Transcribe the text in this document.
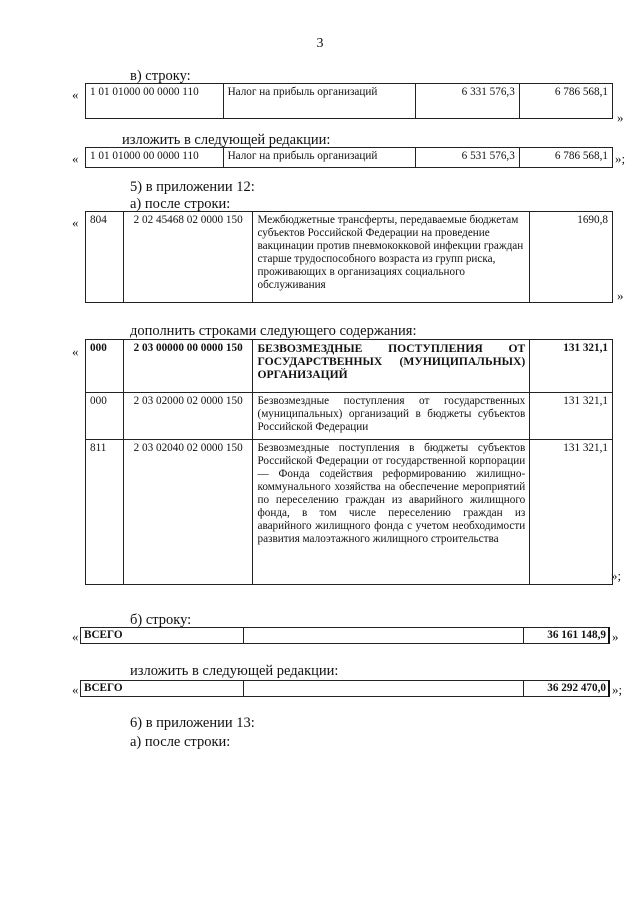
3
в) строку:
« 1 01 01000 00 0000 110	Налог на прибыль организаций	6 331 576,3	6 786 568,1
»
изложить в следующей редакции:
« 1 01 01000 00 0000 110	Налог на прибыль организаций	6 531 576,3	6 786 568,1 »;
5) в приложении 12:
а) после строки:
« 804	2 02 45468 02 0000 150	Межбюджетные трансферты, передаваемые бюджетам субъектов Российской Федерации на проведение вакцинации против пневмококковой инфекции граждан старше трудоспособного возраста из групп риска, проживающих в организациях социального обслуживания	1690,8
»
дополнить строками следующего содержания:
« 000	2 03 00000 00 0000 150	БЕЗВОЗМЕЗДНЫЕ ПОСТУПЛЕНИЯ ОТ ГОСУДАРСТВЕННЫХ (МУНИЦИПАЛЬНЫХ) ОРГАНИЗАЦИЙ	131 321,1
000	2 03 02000 02 0000 150	Безвозмездные поступления от государственных (муниципальных) организаций в бюджеты субъектов Российской Федерации	131 321,1
811	2 03 02040 02 0000 150	Безвозмездные поступления в бюджеты субъектов Российской Федерации от государственной корпорации — Фонда содействия реформированию жилищно-коммунального хозяйства на обеспечение мероприятий по переселению граждан из аварийного жилищного фонда, в том числе переселению граждан из аварийного жилищного фонда с учетом необходимости развития малоэтажного жилищного строительства	131 321,1
»;
б) строку:
« ВСЕГО		36 161 148,9 »
изложить в следующей редакции:
« ВСЕГО		36 292 470,0 »;
6) в приложении 13:
а) после строки:
